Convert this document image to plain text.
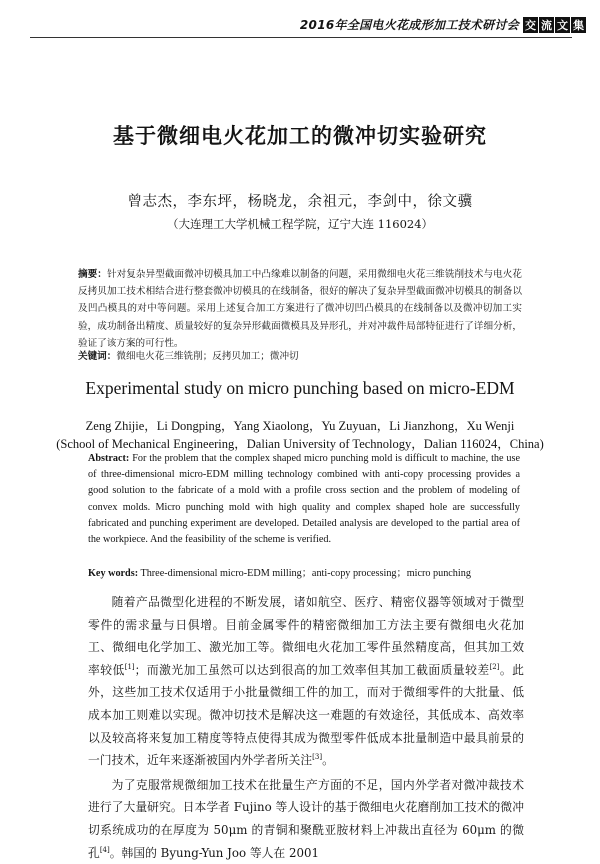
2016年全国电火花成形加工技术研讨会 交 流 文 集
基于微细电火花加工的微冲切实验研究
曾志杰，李东坪，杨晓龙，余祖元，李剑中，徐文骥
（大连理工大学机械工程学院，辽宁大连 116024）
摘要：针对复杂异型截面微冲切模具加工中凸缘难以制备的问题，采用微细电火花三维铣削技术与电火花反拷贝加工技术相结合进行整套微冲切模具的在线制备，很好的解决了复杂异型截面微冲切模具的制备以及凹凸模具的对中等问题。采用上述复合加工方案进行了微冲切凹凸模具的在线制备以及微冲切加工实验，成功制备出精度、质量较好的复杂异形截面微模具及异形孔，并对冲裁件局部特征进行了详细分析，验证了该方案的可行性。
关键词：微细电火花三维铣削；反拷贝加工；微冲切
Experimental study on micro punching based on micro-EDM
Zeng Zhijie，Li Dongping，Yang Xiaolong，Yu Zuyuan，Li Jianzhong，Xu Wenji
(School of Mechanical Engineering，Dalian University of Technology，Dalian 116024，China)
Abstract: For the problem that the complex shaped micro punching mold is difficult to machine, the use of three-dimensional micro-EDM milling technology combined with anti-copy processing provides a good solution to the fabricate of a mold with a profile cross section and the problem of modeling of convex molds. Micro punching mold with high quality and complex shaped hole are successfully fabricated and punching experiment are developed. Detailed analysis are developed to the partial area of the workpiece. And the feasibility of the scheme is verified.
Key words: Three-dimensional micro-EDM milling；anti-copy processing；micro punching

随着产品微型化进程的不断发展，诸如航空、医疗、精密仪器等领域对于微型零件的需求量与日俱增。目前金属零件的精密微细加工方法主要有微细电火花加工、微细电化学加工、激光加工等。微细电火花加工零件虽然精度高，但其加工效率较低[1]；而激光加工虽然可以达到很高的加工效率但其加工截面质量较差[2]。此外，这些加工技术仅适用于小批量微细工件的加工，而对于微细零件的大批量、低成本加工则难以实现。微冲切技术是解决这一难题的有效途径，其低成本、高效率以及较高将来复加工精度等特点使得其成为微型零件低成本批量制造中最具前景的一门技术，近年来逐渐被国内外学者所关注[3]。

为了克服常规微细加工技术在批量生产方面的不足，国内外学者对微冲裁技术进行了大量研究。日本学者 Fujino 等人设计的基于微细电火花磨削加工技术的微冲切系统成功的在厚度为 50μm 的青铜和聚酰亚胺材料上冲裁出直径为 60μm 的微孔[4]。韩国的 Byung-Yun Joo 等人在 2001
